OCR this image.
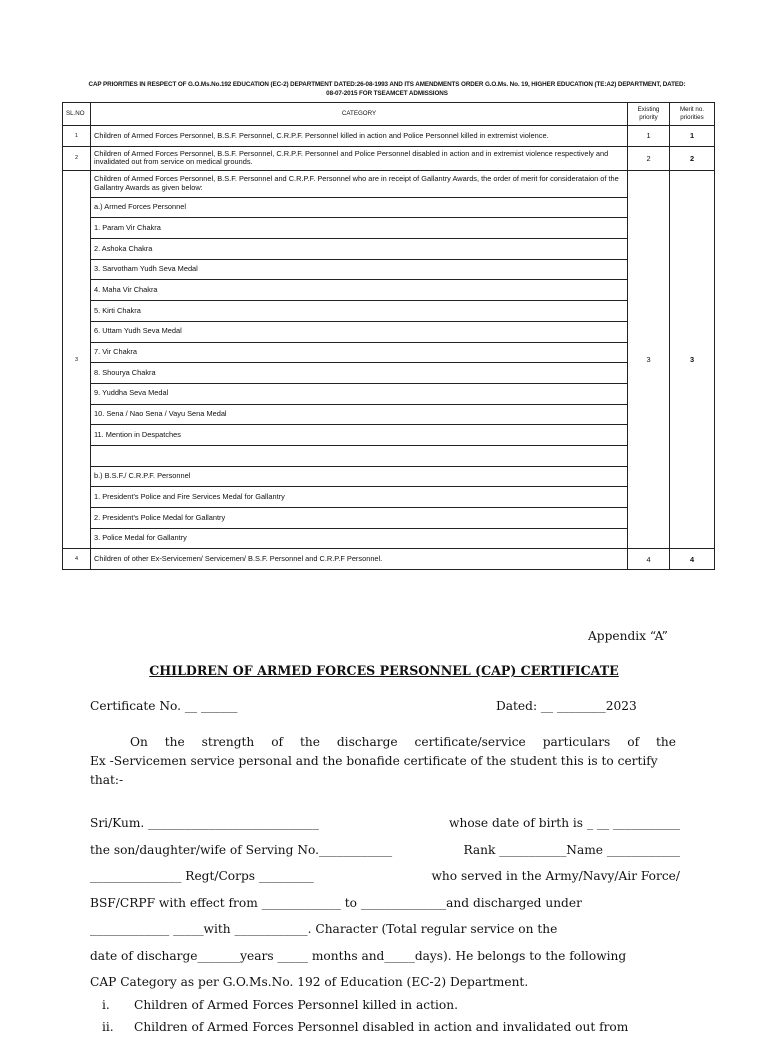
CAP PRIORITIES IN RESPECT OF G.O.Ms.No.192 EDUCATION (EC-2) DEPARTMENT DATED:26-08-1993 AND ITS AMENDMENTS ORDER G.O.Ms. No. 19, HIGHER EDUCATION (TE:A2) DEPARTMENT, DATED:
08-07-2015 FOR TSEAMCET ADMISSIONS
SL.NO	CATEGORY	Existing priority	Merit no. priorities
1	Children of Armed Forces Personnel, B.S.F. Personnel, C.R.P.F. Personnel killed in action and Police Personnel killed in extremist violence.	1	1
2	Children of Armed Forces Personnel, B.S.F. Personnel, C.R.P.F. Personnel and Police Personnel disabled in action and in extremist violence respectively and invalidated out from service on medical grounds.	2	2
3	Children of Armed Forces Personnel, B.S.F. Personnel and C.R.P.F. Personnel who are in receipt of Gallantry Awards, the order of merit for considerataion of the Gallantry Awards as given below:	3	3
	a.) Armed Forces Personnel		
	1. Param Vir Chakra		
	2. Ashoka Chakra		
	3. Sarvotham Yudh Seva Medal		
	4. Maha Vir Chakra		
	5. Kirti Chakra		
	6. Uttam Yudh Seva Medal		
	7. Vir Chakra		
	8. Shourya Chakra		
	9. Yuddha Seva Medal		
	10. Sena / Nao Sena / Vayu Sena Medal		
	11. Mention in Despatches		

	b.) B.S.F./ C.R.P.F. Personnel		
	1. President's Police and Fire Services Medal for Gallantry		
	2. President's Police Medal for Gallantry		
	3. Police Medal for Gallantry		
4	Children of other Ex-Servicemen/ Servicemen/ B.S.F. Personnel and C.R.P.F Personnel.	4	4
Appendix “A”
CHILDREN OF ARMED FORCES PERSONNEL (CAP) CERTIFICATE
Certificate No. __ ______	Dated: __ ________2023

On the strength of the discharge certificate/service particulars of the

Ex -Servicemen service personal and the bonafide certificate of the student this is to certify

that:-

Sri/Kum. ____________________________	whose date of birth is _ __ ___________
the son/daughter/wife of Serving No.____________	Rank ___________Name ____________
_______________ Regt/Corps _________	who served in the Army/Navy/Air Force/
BSF/CRPF with effect from _____________ to ______________and discharged under
_____________ _____with ____________. Character (Total regular service on the
date of discharge_______years _____ months and_____days). He belongs to the following
CAP Category as per G.O.Ms.No. 192 of Education (EC-2) Department.
i.	Children of Armed Forces Personnel killed in action.
ii.	Children of Armed Forces Personnel disabled in action and invalidated out from
